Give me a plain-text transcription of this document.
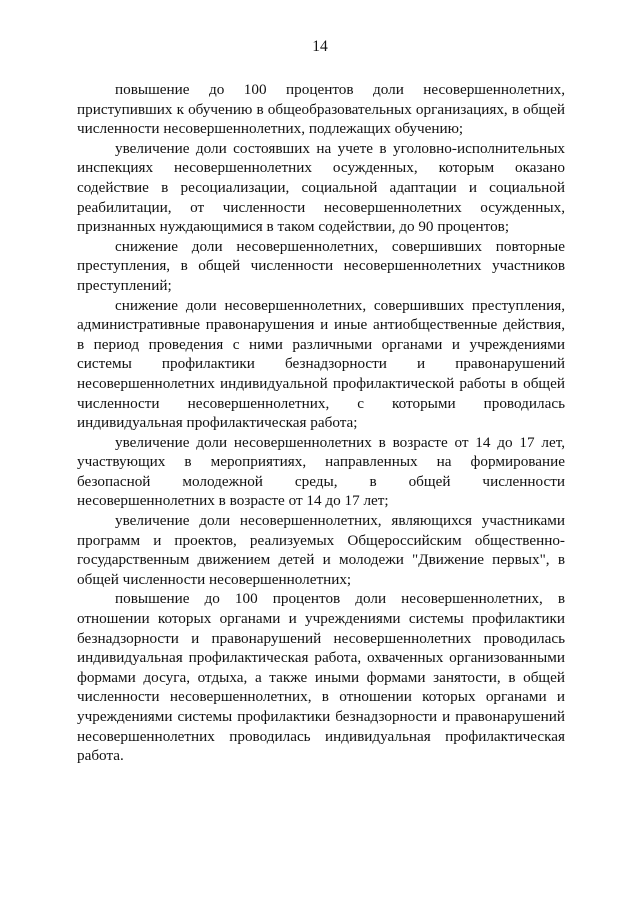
14

повышение до 100 процентов доли несовершеннолетних, приступивших к обучению в общеобразовательных организациях, в общей численности несовершеннолетних, подлежащих обучению;

увеличение доли состоявших на учете в уголовно-исполнительных инспекциях несовершеннолетних осужденных, которым оказано содействие в ресоциализации, социальной адаптации и социальной реабилитации, от численности несовершеннолетних осужденных, признанных нуждающимися в таком содействии, до 90 процентов;

снижение доли несовершеннолетних, совершивших повторные преступления, в общей численности несовершеннолетних участников преступлений;

снижение доли несовершеннолетних, совершивших преступления, административные правонарушения и иные антиобщественные действия, в период проведения с ними различными органами и учреждениями системы профилактики безнадзорности и правонарушений несовершеннолетних индивидуальной профилактической работы в общей численности несовершеннолетних, с которыми проводилась индивидуальная профилактическая работа;

увеличение доли несовершеннолетних в возрасте от 14 до 17 лет, участвующих в мероприятиях, направленных на формирование безопасной молодежной среды, в общей численности несовершеннолетних в возрасте от 14 до 17 лет;

увеличение доли несовершеннолетних, являющихся участниками программ и проектов, реализуемых Общероссийским общественно-государственным движением детей и молодежи "Движение первых", в общей численности несовершеннолетних;

повышение до 100 процентов доли несовершеннолетних, в отношении которых органами и учреждениями системы профилактики безнадзорности и правонарушений несовершеннолетних проводилась индивидуальная профилактическая работа, охваченных организованными формами досуга, отдыха, а также иными формами занятости, в общей численности несовершеннолетних, в отношении которых органами и учреждениями системы профилактики безнадзорности и правонарушений несовершеннолетних проводилась индивидуальная профилактическая работа.
